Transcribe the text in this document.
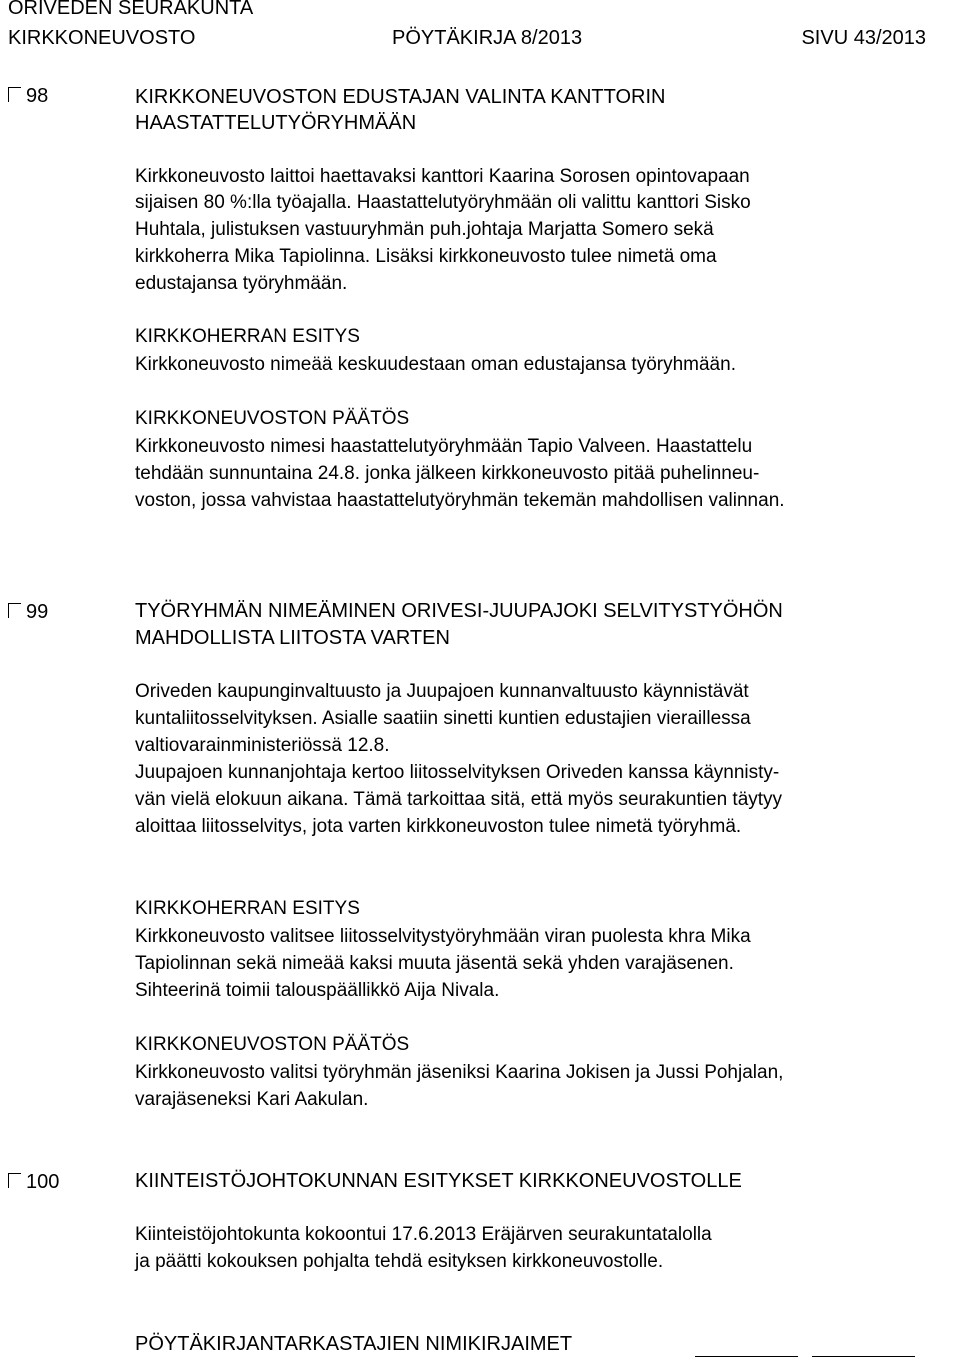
ORIVEDEN SEURAKUNTA
KIRKKONEUVOSTO	PÖYTÄKIRJA 8/2013	SIVU 43/2013
98	KIRKKONEUVOSTON EDUSTAJAN VALINTA KANTTORIN
HAASTATTELUTYÖRYHMÄÄN
Kirkkoneuvosto laittoi haettavaksi kanttori Kaarina Sorosen opintovapaan
sijaisen 80 %:lla työajalla. Haastattelutyöryhmään oli valittu kanttori Sisko
Huhtala, julistuksen vastuuryhmän puh.johtaja Marjatta Somero sekä
kirkkoherra Mika Tapiolinna. Lisäksi kirkkoneuvosto tulee nimetä oma
edustajansa työryhmään.
KIRKKOHERRAN ESITYS
Kirkkoneuvosto nimeää keskuudestaan oman edustajansa työryhmään.
KIRKKONEUVOSTON PÄÄTÖS
Kirkkoneuvosto nimesi haastattelutyöryhmään Tapio Valveen. Haastattelu
tehdään sunnuntaina 24.8. jonka jälkeen kirkkoneuvosto pitää puhelinneu-
voston, jossa vahvistaa haastattelutyöryhmän tekemän mahdollisen valinnan.
99	TYÖRYHMÄN NIMEÄMINEN ORIVESI-JUUPAJOKI SELVITYSTYÖHÖN
MAHDOLLISTA LIITOSTA VARTEN
Oriveden kaupunginvaltuusto ja Juupajoen kunnanvaltuusto käynnistävät
kuntaliitosselvityksen. Asialle saatiin sinetti kuntien edustajien vieraillessa
valtiovarainministeriössä 12.8.
Juupajoen kunnanjohtaja kertoo liitosselvityksen Oriveden kanssa käynnisty-
vän vielä elokuun aikana. Tämä tarkoittaa sitä, että myös seurakuntien täytyy
aloittaa liitosselvitys, jota varten kirkkoneuvoston tulee nimetä työryhmä.
KIRKKOHERRAN ESITYS
Kirkkoneuvosto valitsee liitosselvitystyöryhmään viran puolesta khra Mika
Tapiolinnan sekä nimeää kaksi muuta jäsentä sekä yhden varajäsenen.
Sihteerinä toimii talouspäällikkö Aija Nivala.
KIRKKONEUVOSTON PÄÄTÖS
Kirkkoneuvosto valitsi työryhmän jäseniksi Kaarina Jokisen ja Jussi Pohjalan,
varajäseneksi Kari Aakulan.
100	KIINTEISTÖJOHTOKUNNAN ESITYKSET KIRKKONEUVOSTOLLE
Kiinteistöjohtokunta kokoontui 17.6.2013 Eräjärven seurakuntatalolla
ja päätti kokouksen pohjalta tehdä esityksen kirkkoneuvostolle.
PÖYTÄKIRJANTARKASTAJIEN NIMIKIRJAIMET
